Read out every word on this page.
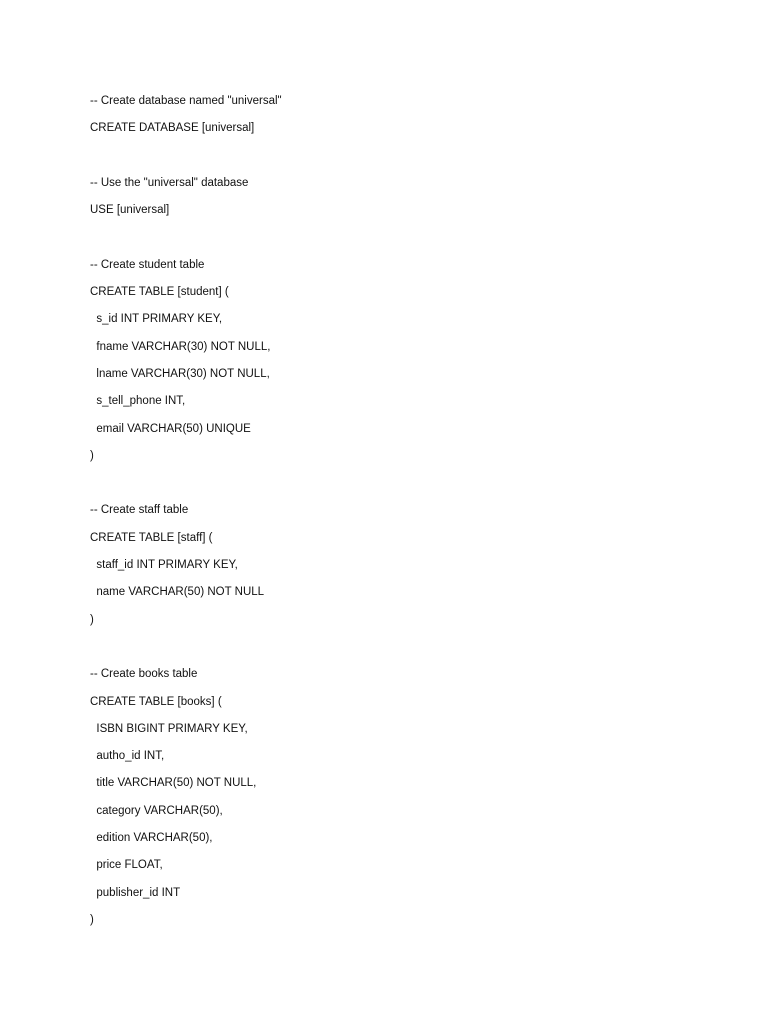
-- Create database named "universal"
CREATE DATABASE [universal]
-- Use the "universal" database
USE [universal]
-- Create student table
CREATE TABLE [student] (
s_id INT PRIMARY KEY,
fname VARCHAR(30) NOT NULL,
lname VARCHAR(30) NOT NULL,
s_tell_phone INT,
email VARCHAR(50) UNIQUE
)
-- Create staff table
CREATE TABLE [staff] (
staff_id INT PRIMARY KEY,
name VARCHAR(50) NOT NULL
)
-- Create books table
CREATE TABLE [books] (
ISBN BIGINT PRIMARY KEY,
autho_id INT,
title VARCHAR(50) NOT NULL,
category VARCHAR(50),
edition VARCHAR(50),
price FLOAT,
publisher_id INT
)
